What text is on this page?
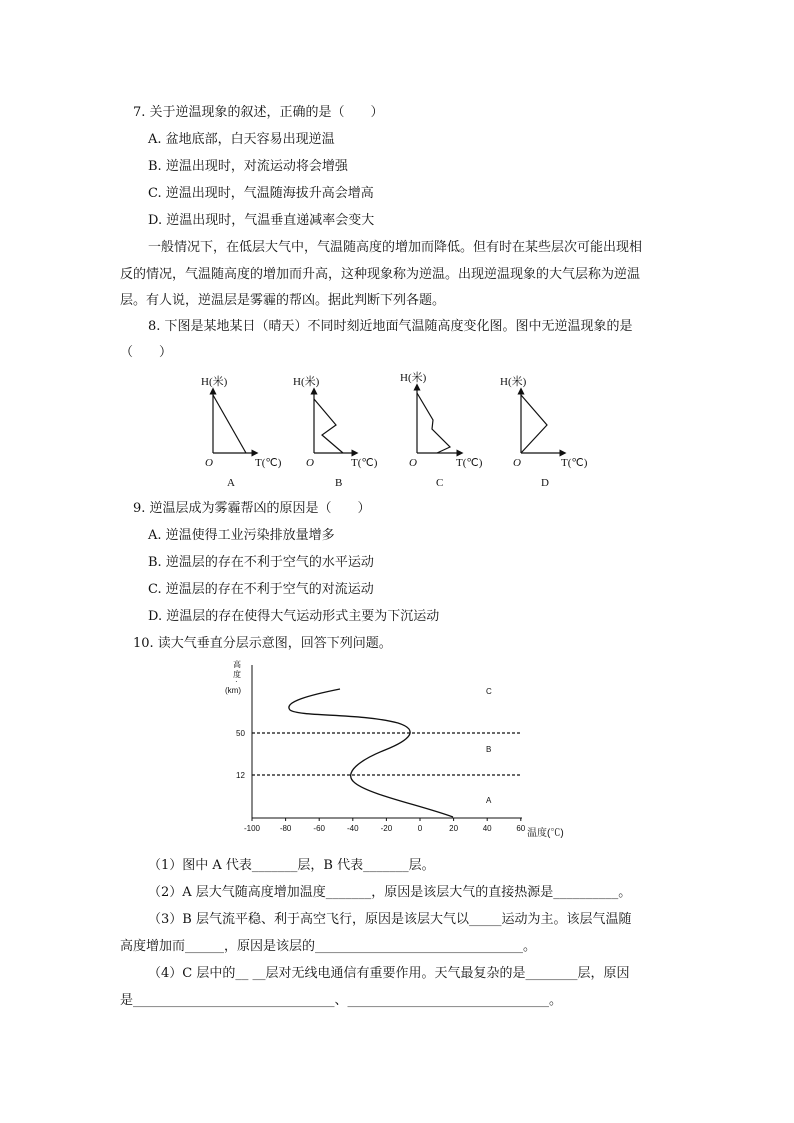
7. 关于逆温现象的叙述，正确的是（　　）
A. 盆地底部，白天容易出现逆温
B. 逆温出现时，对流运动将会增强
C. 逆温出现时，气温随海拔升高会增高
D. 逆温出现时，气温垂直递减率会变大
一般情况下，在低层大气中，气温随高度的增加而降低。但有时在某些层次可能出现相
反的情况，气温随高度的增加而升高，这种现象称为逆温。出现逆温现象的大气层称为逆温
层。有人说，逆温层是雾霾的帮凶。据此判断下列各题。
8. 下图是某地某日（晴天）不同时刻近地面气温随高度变化图。图中无逆温现象的是
（　　）
H(米)
O	T(℃)
A
H(米)
O	T(℃)
B
H(米)
O	T(℃)
C
H(米)
O	T(℃)
D
9. 逆温层成为雾霾帮凶的原因是（　　）
A. 逆温使得工业污染排放量增多
B. 逆温层的存在不利于空气的水平运动
C. 逆温层的存在不利于空气的对流运动
D. 逆温层的存在使得大气运动形式主要为下沉运动
10. 读大气垂直分层示意图，回答下列问题。
高
度
·
(km)
50
12
C
B
A
-100 -80	-60	-40	-20	0	20	40	60 温度(℃)
（1）图中 A 代表_______层，B 代表_______层。
（2）A 层大气随高度增加温度_______，原因是该层大气的直接热源是__________。
（3）B 层气流平稳、利于高空飞行，原因是该层大气以_____运动为主。该层气温随
高度增加而______，原因是该层的________________________________。
（4）C 层中的__ __层对无线电通信有重要作用。天气最复杂的是________层，原因
是_______________________________、_______________________________。
